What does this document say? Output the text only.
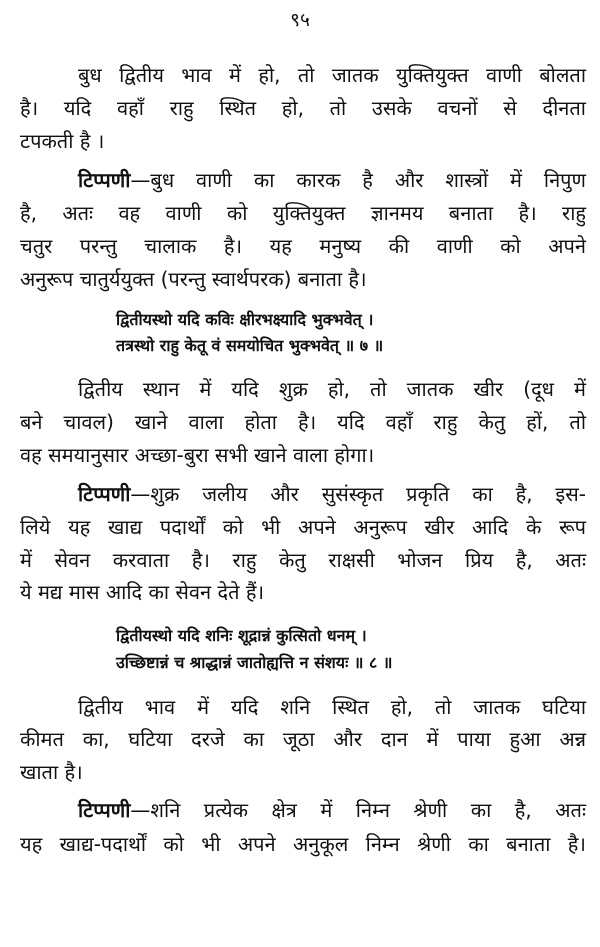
९५
बुध द्वितीय भाव में हो, तो जातक युक्तियुक्त वाणी बोलता
है। यदि वहाँ राहु स्थित हो, तो उसके वचनों से दीनता
टपकती है ।
टिप्पणी—बुध वाणी का कारक है और शास्त्रों में निपुण
है, अतः वह वाणी को युक्तियुक्त ज्ञानमय बनाता है। राहु
चतुर परन्तु चालाक है। यह मनुष्य की वाणी को अपने
अनुरूप चातुर्ययुक्त (परन्तु स्वार्थपरक) बनाता है।
द्वितीयस्थो यदि कविः क्षीरभक्ष्यादि भुक्भवेत् ।
तत्रस्थो राहु केतू वं समयोचित भुक्भवेत् ॥ ७ ॥
द्वितीय स्थान में यदि शुक्र हो, तो जातक खीर (दूध में
बने चावल) खाने वाला होता है। यदि वहाँ राहु केतु हों, तो
वह समयानुसार अच्छा-बुरा सभी खाने वाला होगा।
टिप्पणी—शुक्र जलीय और सुसंस्कृत प्रकृति का है, इस-
लिये यह खाद्य पदार्थों को भी अपने अनुरूप खीर आदि के रूप
में सेवन करवाता है। राहु केतु राक्षसी भोजन प्रिय है, अतः
ये मद्य मास आदि का सेवन देते हैं।
द्वितीयस्थो यदि शनिः शूद्रान्नं कुत्सितो धनम् ।
उच्छिष्टान्नं च श्राद्धान्नं जातोह्यत्ति न संशयः ॥ ८ ॥
द्वितीय भाव में यदि शनि स्थित हो, तो जातक घटिया
कीमत का, घटिया दरजे का जूठा और दान में पाया हुआ अन्न
खाता है।
टिप्पणी—शनि प्रत्येक क्षेत्र में निम्न श्रेणी का है, अतः
यह खाद्य-पदार्थों को भी अपने अनुकूल निम्न श्रेणी का बनाता है।
